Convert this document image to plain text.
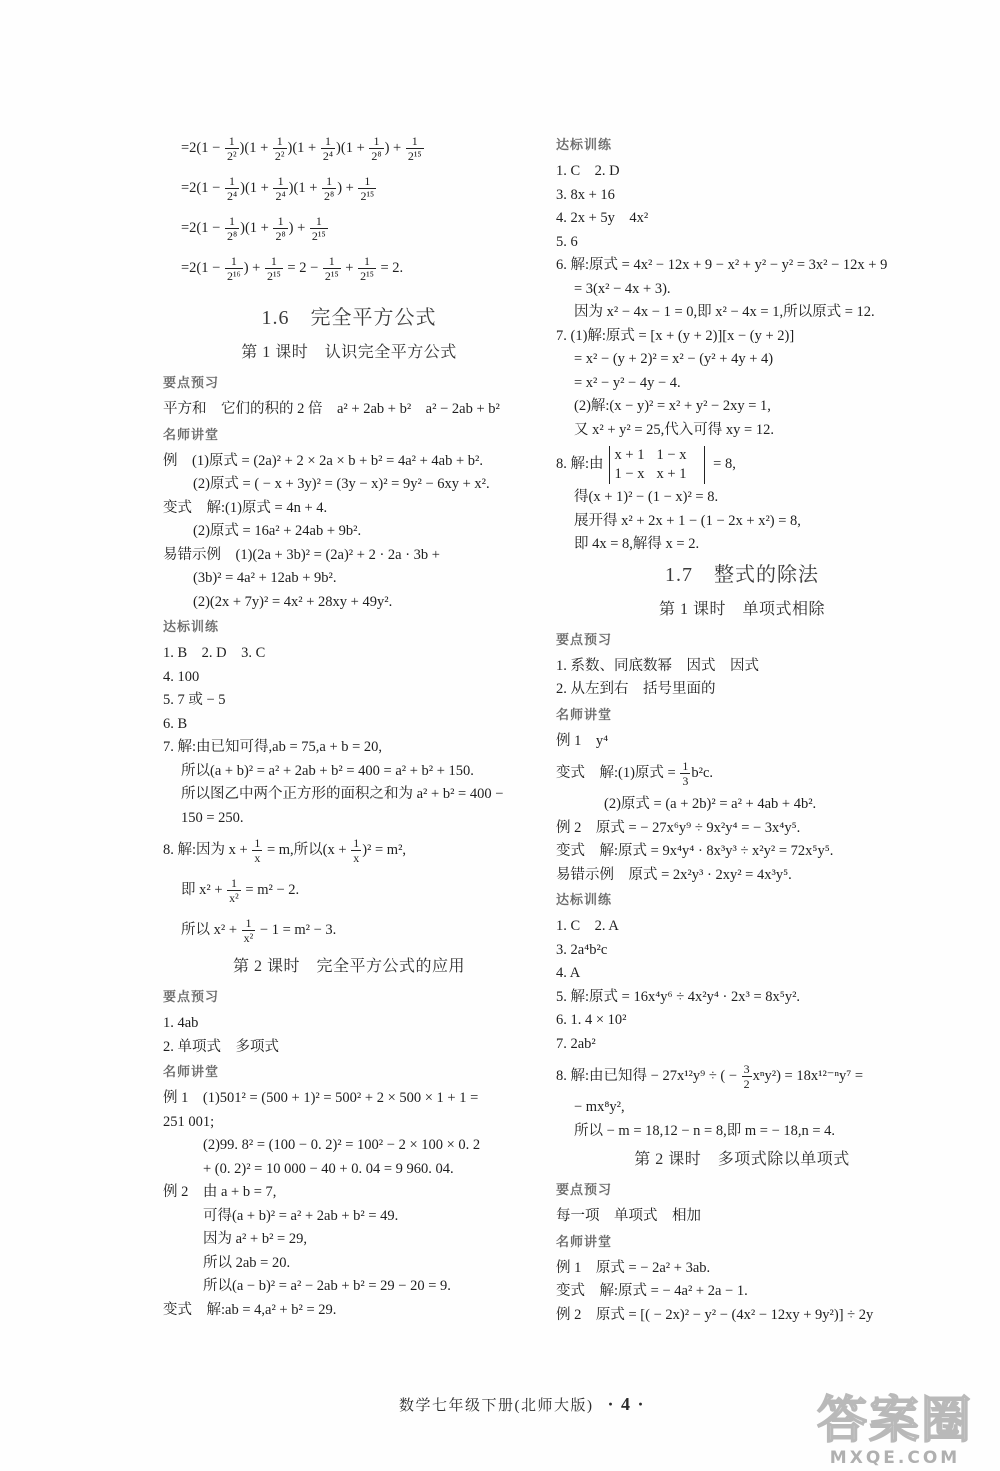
$=2(1 - \frac{1}{\text{2²}} )(1 + \frac{1}{\text{2²}} )(1 + \frac{1}{\text{2⁴}} )(1 + \frac{1}{\text{2⁸}}$ ) + $\frac{1}{\text{2¹⁵}}$
$=2(1 - \frac{1}{\text{2⁴}} )(1 + \frac{1}{\text{2⁴}} )(1 + \frac{1}{\text{2⁸}}$ ) + $\frac{1}{\text{2¹⁵}}$
$=2(1 - \frac{1}{\text{2⁸}} )(1 + \frac{1}{\text{2⁸}}$ ) + $\frac{1}{\text{2¹⁵}}$
$=2(1 - \frac{1}{\text{2¹⁶}}$ ) + $\frac{1}{\text{2¹⁵}} = 2 - \frac{1}{\text{2¹⁵}} + \frac{1}{\text{2¹⁵}} = 2$.
1.6　完全平方公式
第 1 课时　认识完全平方公式
要点预习
平方和　它们的积的 2 倍　a² + 2ab + b²　a² − 2ab + b²
名师讲堂
例　(1)原式 = (2a)² + 2 × 2a × b + b² = 4a² + 4ab + b².
(2)原式 = ( − x + 3y)² = (3y − x)² = 9y² − 6xy + x².
变式　解:(1)原式 = 4n + 4.
(2)原式 = 16a² + 24ab + 9b².
易错示例　(1)(2a + 3b)² = (2a)² + 2 · 2a · 3b +
(3b)² = 4a² + 12ab + 9b².
(2)(2x + 7y)² = 4x² + 28xy + 49y².
达标训练
1. B　2. D　3. C
4. 100
5. 7 或 − 5
6. B
7. 解:由已知可得,ab = 75,a + b = 20,
所以(a + b)² = a² + 2ab + b² = 400 = a² + b² + 150.
所以图乙中两个正方形的面积之和为 a² + b² = 400 −
150 = 250.
8. 解:因为 $x + \frac{1}{x} = m$,所以$(x + \frac{1}{x} )^2 = m^2$,
即 $x^2 + \frac{1}{\text{x²}} = m^2 - 2$.
所以 $x^2 + \frac{1}{\text{x²}} - 1 = m^2 - 3$.
第 2 课时　完全平方公式的应用
要点预习
1. 4ab
2. 单项式　多项式
名师讲堂
例 1　(1)501² = (500 + 1)² = 500² + 2 × 500 × 1 + 1 =
251 001;
(2)99. 8² = (100 − 0. 2)² = 100² − 2 × 100 × 0. 2
+ (0. 2)² = 10 000 − 40 + 0. 04 = 9 960. 04.
例 2　由 a + b = 7,
可得(a + b)² = a² + 2ab + b² = 49.
因为 a² + b² = 29,
所以 2ab = 20.
所以(a − b)² = a² − 2ab + b² = 29 − 20 = 9.
变式　解:ab = 4,a² + b² = 29.
达标训练
1. C　2. D
3. 8x + 16
4. 2x + 5y　4x²
5. 6
6. 解:原式 = 4x² − 12x + 9 − x² + y² − y² = 3x² − 12x + 9
= 3(x² − 4x + 3).
因为 x² − 4x − 1 = 0,即 x² − 4x = 1,所以原式 = 12.
7. (1)解:原式 = [x + (y + 2)][x − (y + 2)]
= x² − (y + 2)² = x² − (y² + 4y + 4)
= x² − y² − 4y − 4.
(2)解:(x − y)² = x² + y² − 2xy = 1,
又 x² + y² = 25,代入可得 xy = 12.
8. 解:由
x + 1 1 − x
1 − x x + 1
= 8,
得(x + 1)² − (1 − x)² = 8.
展开得 x² + 2x + 1 − (1 − 2x + x²) = 8,
即 4x = 8,解得 x = 2.
1.7　整式的除法
第 1 课时　单项式相除
要点预习
1. 系数、同底数幂　因式　因式
2. 从左到右　括号里面的
名师讲堂
例 1　y⁴
变式　解:(1)原式 = $\frac{1}{3} b^2c$.
(2)原式 = (a + 2b)² = a² + 4ab + 4b².
例 2　原式 = − 27x⁶y⁹ ÷ 9x²y⁴ = − 3x⁴y⁵.
变式　解:原式 = 9x⁴y⁴ · 8x³y³ ÷ x²y² = 72x⁵y⁵.
易错示例　原式 = 2x²y³ · 2xy² = 4x³y⁵.
达标训练
1. C　2. A
3. 2a⁴b²c
4. A
5. 解:原式 = 16x⁴y⁶ ÷ 4x²y⁴ · 2x³ = 8x⁵y².
6. 1. 4 × 10²
7. 2ab²
8. 解:由已知得 − 27x¹²y⁹ ÷ ( − $\frac{3}{2} x^ny^2) = 18x^{12-n}y^7$ =
− mx⁸y²,
所以 − m = 18,12 − n = 8,即 m = − 18,n = 4.
第 2 课时　多项式除以单项式
要点预习
每一项　单项式　相加
名师讲堂
例 1　原式 = − 2a² + 3ab.
变式　解:原式 = − 4a² + 2a − 1.
例 2　原式 = [( − 2x)² − y² − (4x² − 12xy + 9y²)] ÷ 2y

数学七年级下册(北师大版) · 4 ·
	答案圈
MXQE.COM
